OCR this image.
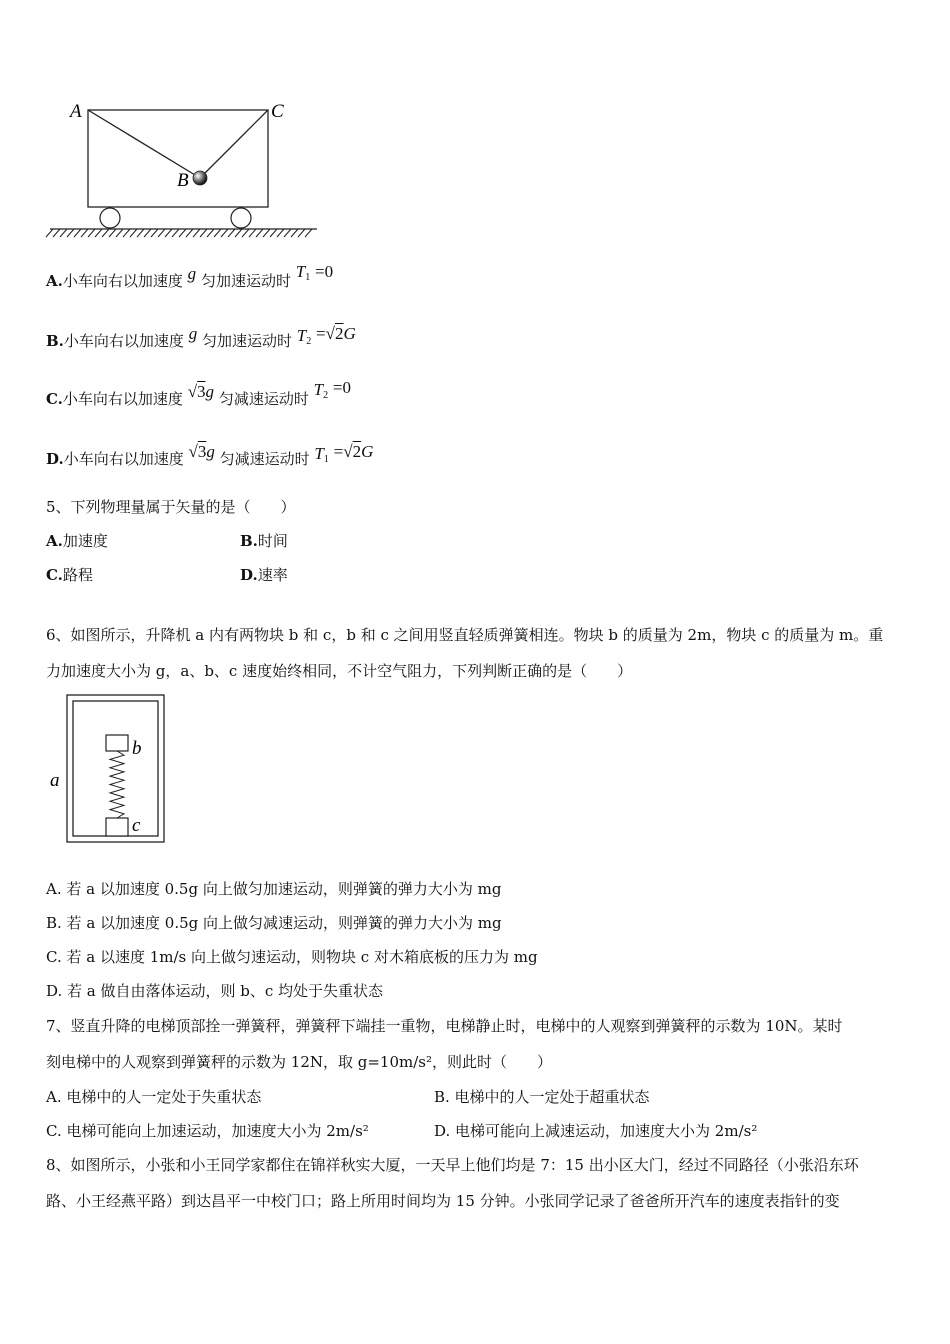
A	C
B
A.小车向右以加速度 g 匀加速运动时 $T^1 =0$
B.小车向右以加速度 g 匀加速运动时 T2 =√2G
C.小车向右以加速度 √3g 匀减速运动时 $T^2 =0$
D.小车向右以加速度 √3g 匀减速运动时 T1 =√2G
5、下列物理量属于矢量的是（　　）
A.加速度	B.时间
C.路程	D.速率
6、如图所示，升降机 a 内有两物块 b 和 c，b 和 c 之间用竖直轻质弹簧相连。物块 b 的质量为 2m，物块 c 的质量为 m。重
力加速度大小为 g，a、b、c 速度始终相同，不计空气阻力，下列判断正确的是（　　）
a
b
c
A. 若 a 以加速度 0.5g 向上做匀加速运动，则弹簧的弹力大小为 mg
B. 若 a 以加速度 0.5g 向上做匀减速运动，则弹簧的弹力大小为 mg
C. 若 a 以速度 1m/s 向上做匀速运动，则物块 c 对木箱底板的压力为 mg
D. 若 a 做自由落体运动，则 b、c 均处于失重状态
7、竖直升降的电梯顶部拴一弹簧秤，弹簧秤下端挂一重物，电梯静止时，电梯中的人观察到弹簧秤的示数为 10N。某时
刻电梯中的人观察到弹簧秤的示数为 12N，取 g=10m/s²，则此时（　　）
A. 电梯中的人一定处于失重状态	B. 电梯中的人一定处于超重状态
C. 电梯可能向上加速运动，加速度大小为 2m/s²	D. 电梯可能向上减速运动，加速度大小为 2m/s²
8、如图所示，小张和小王同学家都住在锦祥秋实大厦，一天早上他们均是 7：15 出小区大门，经过不同路径（小张沿东环
路、小王经燕平路）到达昌平一中校门口；路上所用时间均为 15 分钟。小张同学记录了爸爸所开汽车的速度表指针的变
